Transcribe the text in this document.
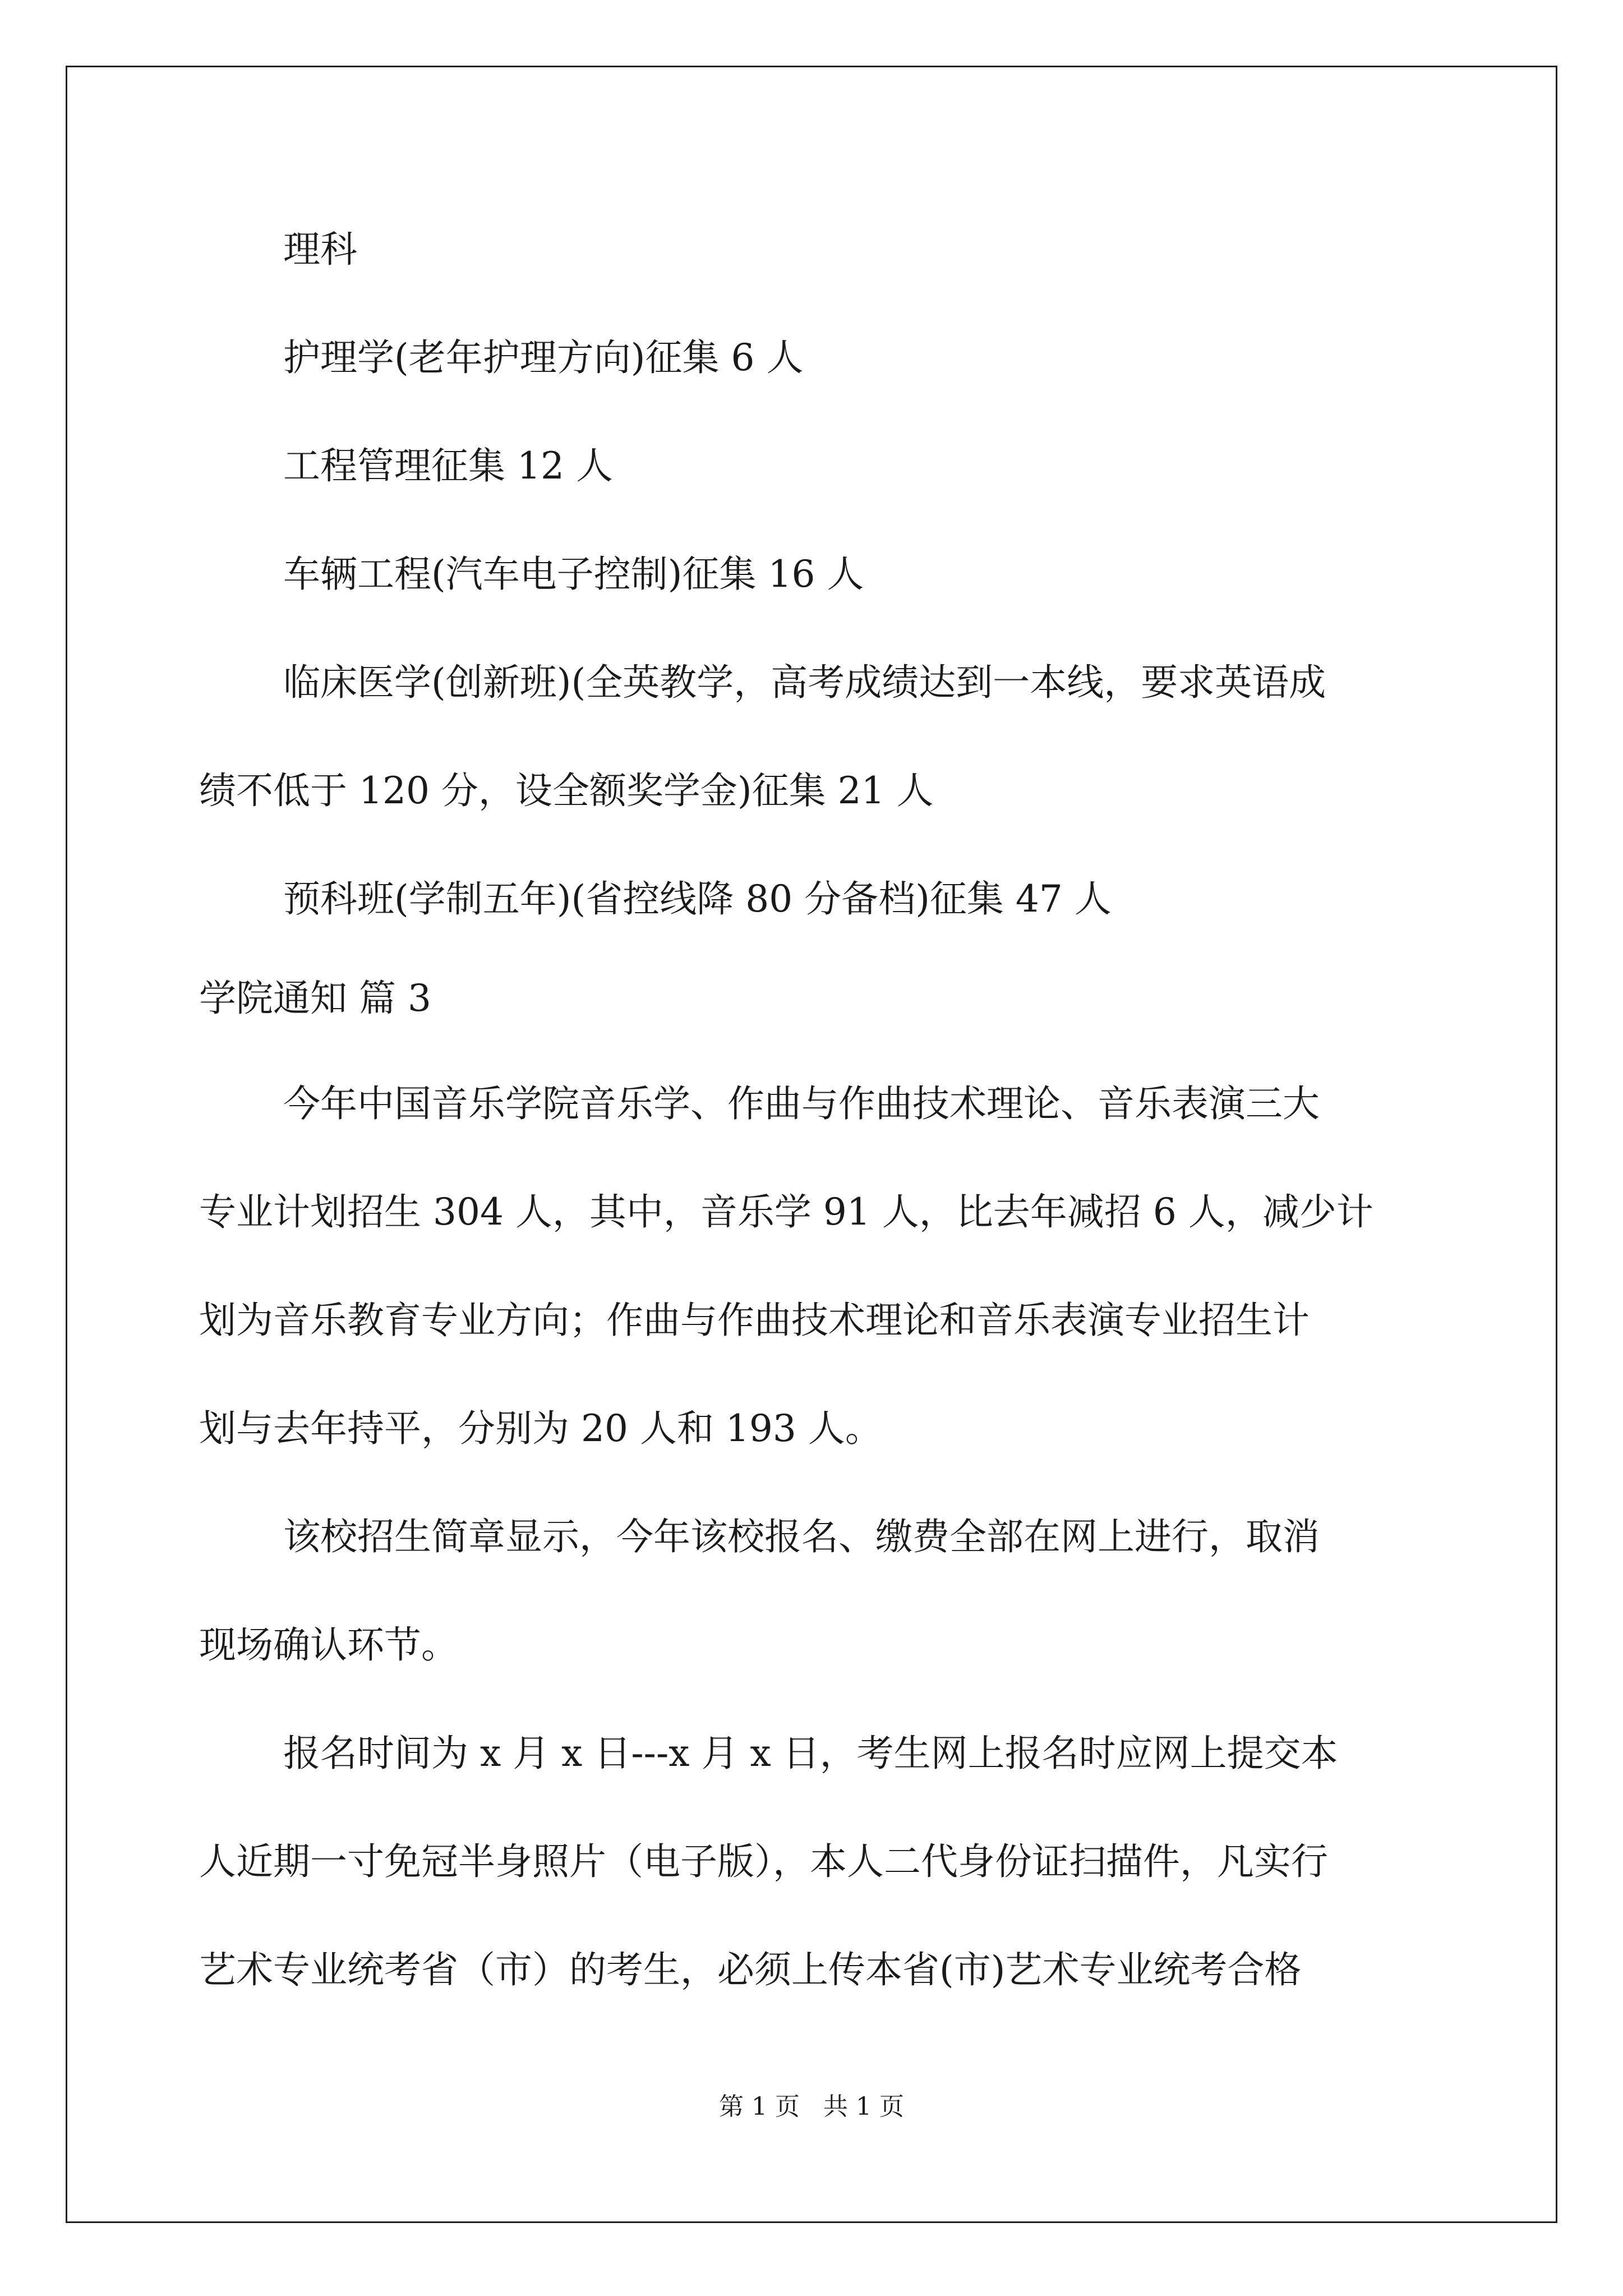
理科
护理学(老年护理方向)征集 6 人
工程管理征集 12 人
车辆工程(汽车电子控制)征集 16 人
临床医学(创新班)(全英教学，高考成绩达到一本线，要求英语成
绩不低于 120 分，设全额奖学金)征集 21 人
预科班(学制五年)(省控线降 80 分备档)征集 47 人
学院通知 篇 3
今年中国音乐学院音乐学、作曲与作曲技术理论、音乐表演三大
专业计划招生 304 人，其中，音乐学 91 人，比去年减招 6 人，减少计
划为音乐教育专业方向；作曲与作曲技术理论和音乐表演专业招生计
划与去年持平，分别为 20 人和 193 人。
该校招生简章显示，今年该校报名、缴费全部在网上进行，取消
现场确认环节。
报名时间为 x 月 x 日---x 月 x 日，考生网上报名时应网上提交本
人近期一寸免冠半身照片（电子版），本人二代身份证扫描件，凡实行
艺术专业统考省（市）的考生，必须上传本省(市)艺术专业统考合格
第 1 页   共 1 页
